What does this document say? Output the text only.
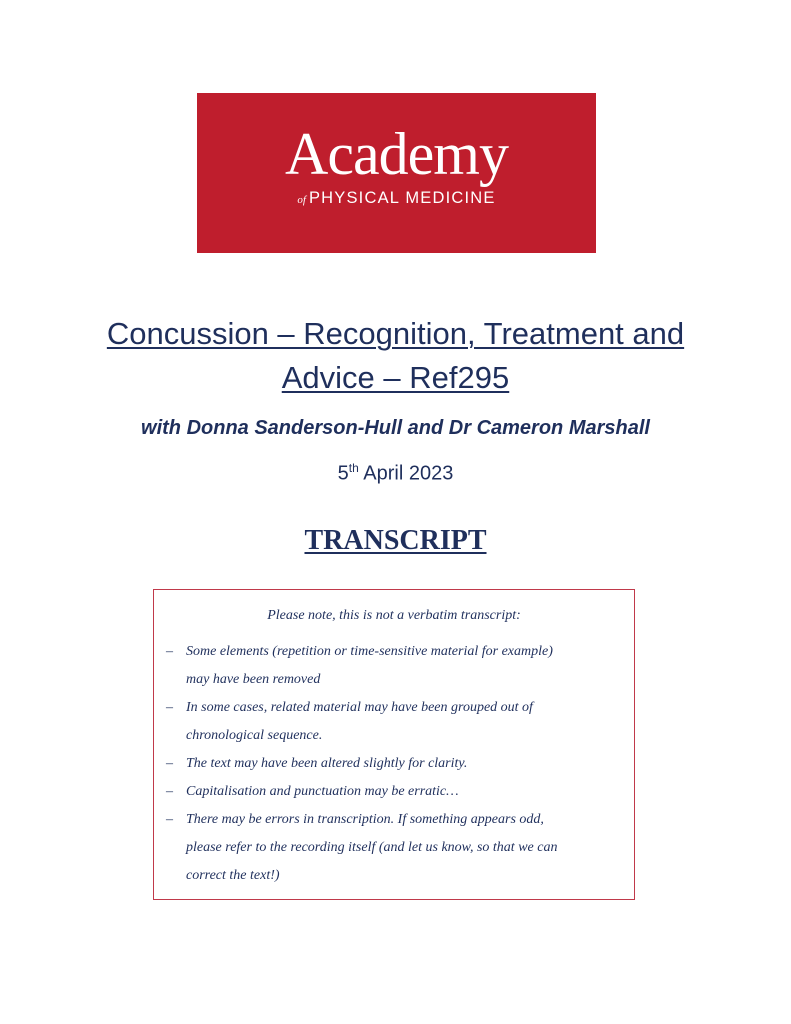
Academy
of PHYSICAL MEDICINE
Concussion – Recognition, Treatment and
Advice – Ref295
with Donna Sanderson-Hull and Dr Cameron Marshall
5th April 2023
TRANSCRIPT
Please note, this is not a verbatim transcript:
– Some elements (repetition or time-sensitive material for example)
may have been removed
– In some cases, related material may have been grouped out of
chronological sequence.
– The text may have been altered slightly for clarity.
– Capitalisation and punctuation may be erratic…
– There may be errors in transcription. If something appears odd,
please refer to the recording itself (and let us know, so that we can
correct the text!)
